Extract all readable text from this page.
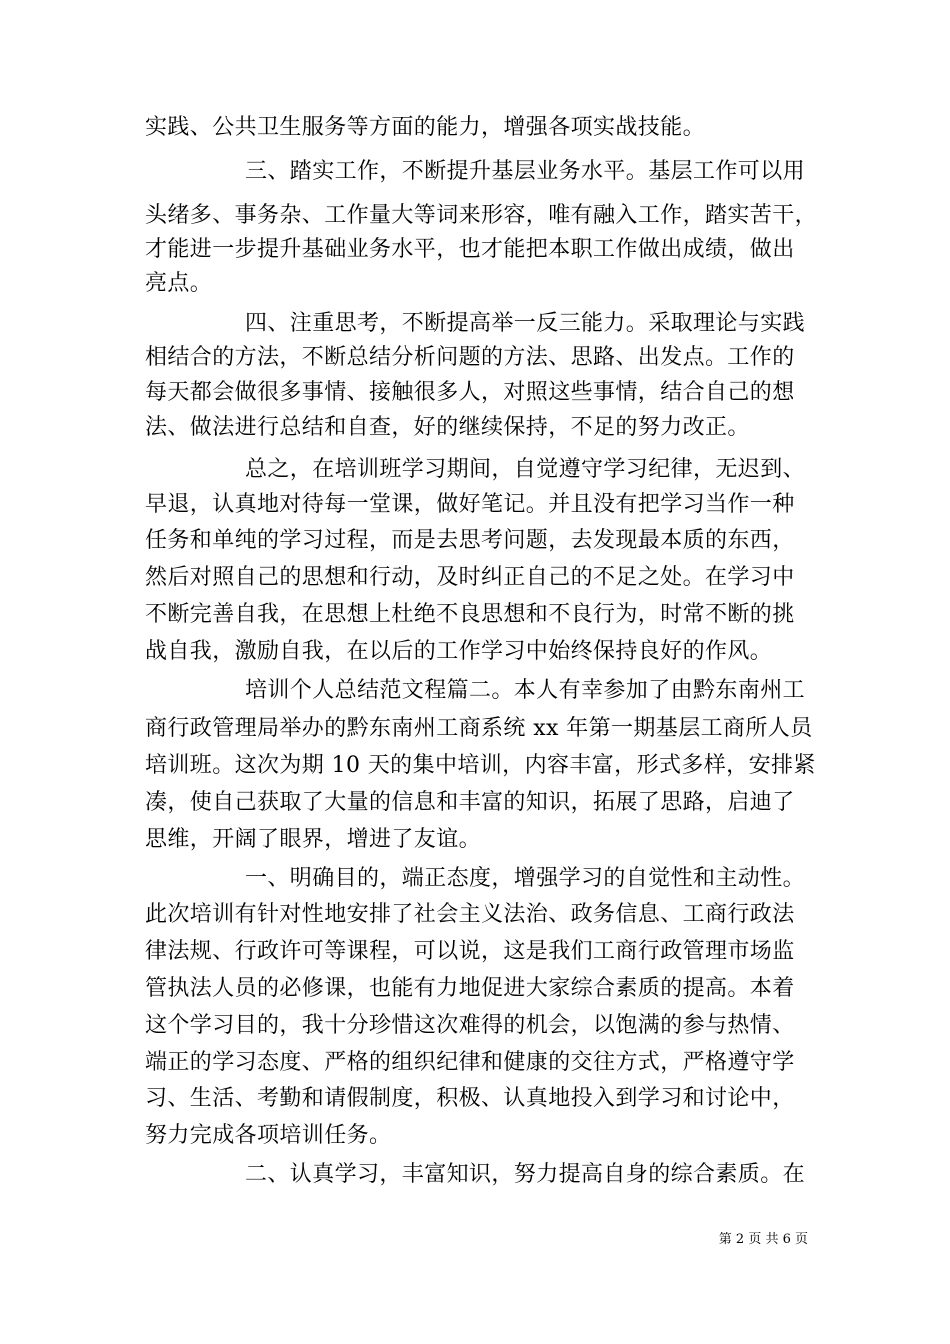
实践、公共卫生服务等方面的能力，增强各项实战技能。
三、踏实工作，不断提升基层业务水平。基层工作可以用
头绪多、事务杂、工作量大等词来形容，唯有融入工作，踏实苦干，
才能进一步提升基础业务水平，也才能把本职工作做出成绩，做出
亮点。
四、注重思考，不断提高举一反三能力。采取理论与实践
相结合的方法，不断总结分析问题的方法、思路、出发点。工作的
每天都会做很多事情、接触很多人，对照这些事情，结合自己的想
法、做法进行总结和自查，好的继续保持，不足的努力改正。
总之，在培训班学习期间，自觉遵守学习纪律，无迟到、
早退，认真地对待每一堂课，做好笔记。并且没有把学习当作一种
任务和单纯的学习过程，而是去思考问题，去发现最本质的东西，
然后对照自己的思想和行动，及时纠正自己的不足之处。在学习中
不断完善自我，在思想上杜绝不良思想和不良行为，时常不断的挑
战自我，激励自我，在以后的工作学习中始终保持良好的作风。
培训个人总结范文程篇二。本人有幸参加了由黔东南州工
商行政管理局举办的黔东南州工商系统 xx 年第一期基层工商所人员
培训班。这次为期 10 天的集中培训，内容丰富，形式多样，安排紧
凑，使自己获取了大量的信息和丰富的知识，拓展了思路，启迪了
思维，开阔了眼界，增进了友谊。
一、明确目的，端正态度，增强学习的自觉性和主动性。
此次培训有针对性地安排了社会主义法治、政务信息、工商行政法
律法规、行政许可等课程，可以说，这是我们工商行政管理市场监
管执法人员的必修课，也能有力地促进大家综合素质的提高。本着
这个学习目的，我十分珍惜这次难得的机会，以饱满的参与热情、
端正的学习态度、严格的组织纪律和健康的交往方式，严格遵守学
习、生活、考勤和请假制度，积极、认真地投入到学习和讨论中，
努力完成各项培训任务。
二、认真学习，丰富知识，努力提高自身的综合素质。在
第 2 页 共 6 页
